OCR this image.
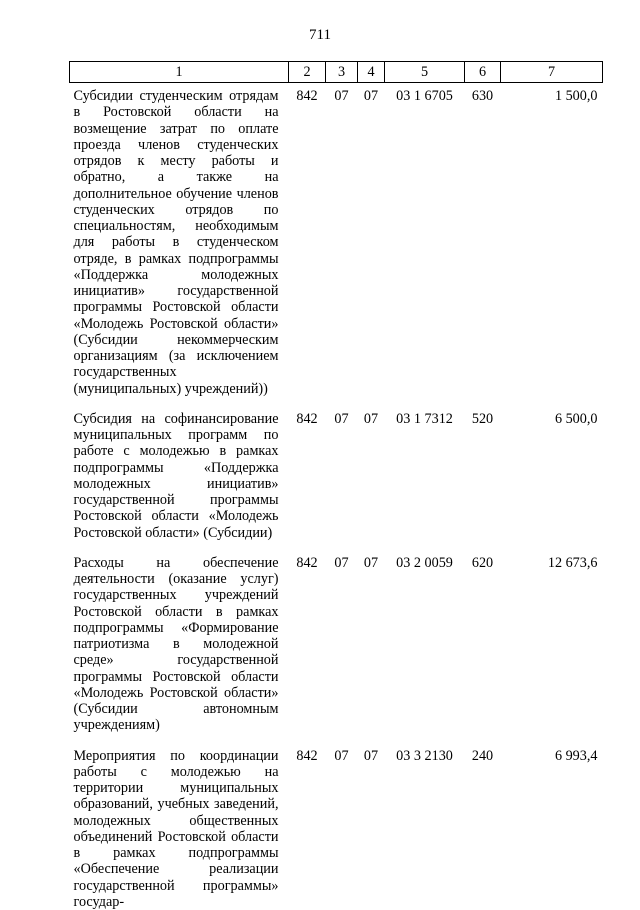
711
1	2	3	4	5	6	7
Субсидии студенческим отрядам в Ростовской области на возмещение затрат по оплате проезда членов студенческих отрядов к месту работы и обратно, а также на дополнительное обучение членов студенческих отрядов по специальностям, необходимым для работы в студенческом отряде, в рамках подпрограммы «Поддержка молодежных инициатив» государственной программы Ростовской области «Молодежь Ростовской области» (Субсидии некоммерческим организациям (за исключением государственных (муниципальных) учреждений))	842	07	07	03 1 6705	630	1 500,0

Субсидия на софинансирование муниципальных программ по работе с молодежью в рамках подпрограммы «Поддержка молодежных инициатив» государственной программы Ростовской области «Молодежь Ростовской области» (Субсидии)	842	07	07	03 1 7312	520	6 500,0

Расходы на обеспечение деятельности (оказание услуг) государственных учреждений Ростовской области в рамках подпрограммы «Формирование патриотизма в молодежной среде» государственной программы Ростовской области «Молодежь Ростовской области» (Субсидии автономным учреждениям)	842	07	07	03 2 0059	620	12 673,6

Мероприятия по координации работы с молодежью на территории муниципальных образований, учебных заведений, молодежных общественных объединений Ростовской области в рамках подпрограммы «Обеспечение реализации государственной программы» государ-	842	07	07	03 3 2130	240	6 993,4
